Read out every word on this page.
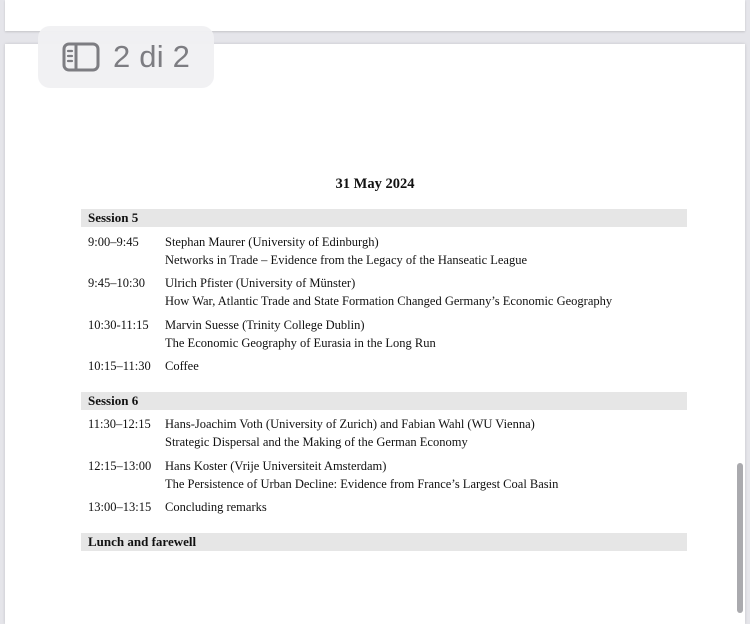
2 di 2
31 May 2024
Session 5
9:00–9:45 Stephan Maurer (University of Edinburgh)
Networks in Trade – Evidence from the Legacy of the Hanseatic League
9:45–10:30 Ulrich Pfister (University of Münster)
How War, Atlantic Trade and State Formation Changed Germany’s Economic Geography
10:30-11:15 Marvin Suesse (Trinity College Dublin)
The Economic Geography of Eurasia in the Long Run
10:15–11:30 Coffee
Session 6
11:30–12:15 Hans-Joachim Voth (University of Zurich) and Fabian Wahl (WU Vienna)
Strategic Dispersal and the Making of the German Economy
12:15–13:00 Hans Koster (Vrije Universiteit Amsterdam)
The Persistence of Urban Decline: Evidence from France’s Largest Coal Basin
13:00–13:15 Concluding remarks
Lunch and farewell
